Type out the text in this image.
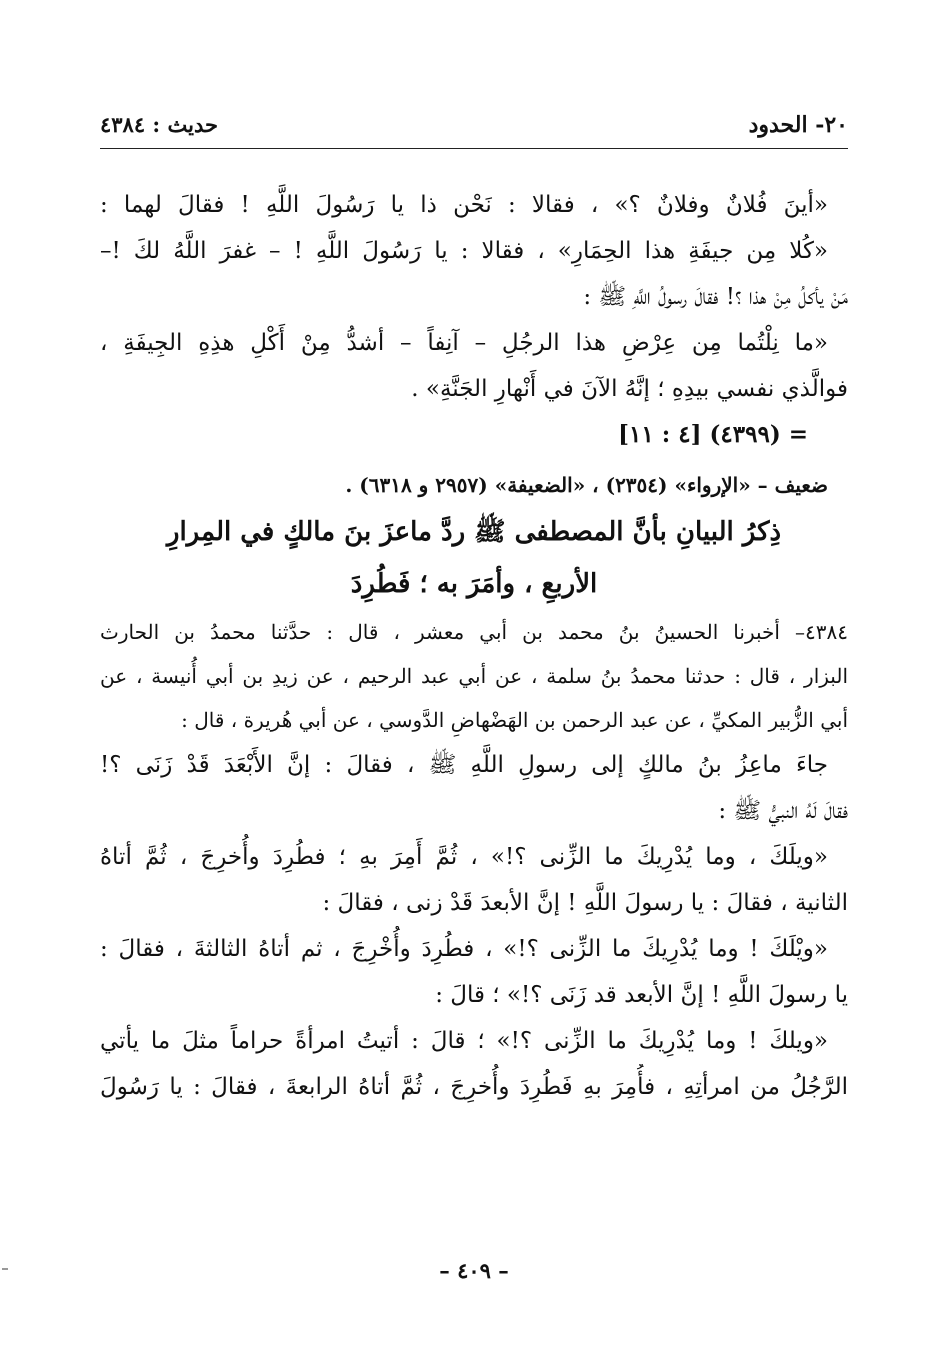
٢٠- الحدود
حديث : ٤٣٨٤
«أينَ فُلانٌ وفلانٌ ؟» ، فقالا : نَحْن ذا يا رَسُولَ اللَّهِ ! فقالَ لهما :
«كُلا مِن جيفَةِ هذا الحِمَارِ» ، فقالا : يا رَسُولَ اللَّهِ ! – غفرَ اللَّهُ لكَ !–
مَنْ يأكلُ مِنْ هذا ؟! فقالَ رسولُ اللَّهِ ﷺ :
«ما نِلْتُما مِن عِرْضِ هذا الرجُلِ – آنِفاً – أشدُّ مِنْ أَكْلِ هذِهِ الجِيفَةِ ،
فوالَّذي نفسي بيدِهِ ؛ إنَّهُ الآنَ في أَنْهارِ الجَنَّةِ» .
= (٤٣٩٩) [٤ : ١١]
ضعيف – «الإرواء» (٢٣٥٤) ، «الضعيفة» (٢٩٥٧ و ٦٣١٨) .
ذِكرُ البيانِ بأنَّ المصطفى ﷺ ردَّ ماعزَ بنَ مالكٍ في المِرارِ
الأربعِ ، وأمَرَ به ؛ فَطُرِدَ
٤٣٨٤– أخبرنا الحسينُ بنُ محمد بن أبي معشر ، قال : حدَّثنا محمدُ بن الحارث
البزار ، قال : حدثنا محمدُ بنُ سلمة ، عن أبي عبد الرحيم ، عن زيدِ بن أبي أُنيسة ، عن
أبي الزُّبير المكيِّ ، عن عبد الرحمن بن الهَضْهاضِ الدَّوسي ، عن أبي هُريرة ، قال :
جاءَ ماعِزُ بنُ مالكٍ إلى رسولِ اللَّهِ ﷺ ، فقالَ : إنَّ الأَبْعَدَ قَدْ زَنَى ؟!
فقالَ لَهُ النبيُّ ﷺ :
«ويلَكَ ، وما يُدْرِيكَ ما الزِّنى ؟!» ، ثُمَّ أَمِرَ بهِ ؛ فطُرِدَ وأُخرِجَ ، ثُمَّ أتاهُ
الثانية ، فقالَ : يا رسولَ اللَّهِ ! إنَّ الأبعدَ قَدْ زنى ، فقالَ :
«ويْلَكَ ! وما يُدْرِيكَ ما الزِّنى ؟!» ، فطُرِدَ وأُخْرِجَ ، ثم أتاهُ الثالثةَ ، فقالَ :
يا رسولَ اللَّهِ ! إنَّ الأبعد قد زَنَى ؟!» ؛ قالَ :
«ويلكَ ! وما يُدْرِيكَ ما الزِّنى ؟!» ؛ قالَ : أتيتُ امرأةً حراماً مثلَ ما يأتي
الرَّجُلُ من امرأتِهِ ، فأُمِرَ بهِ فَطُرِدَ وأُخرِجَ ، ثُمَّ أتاهُ الرابعةَ ، فقالَ : يا رَسُولَ
– ٤٠٩ –
